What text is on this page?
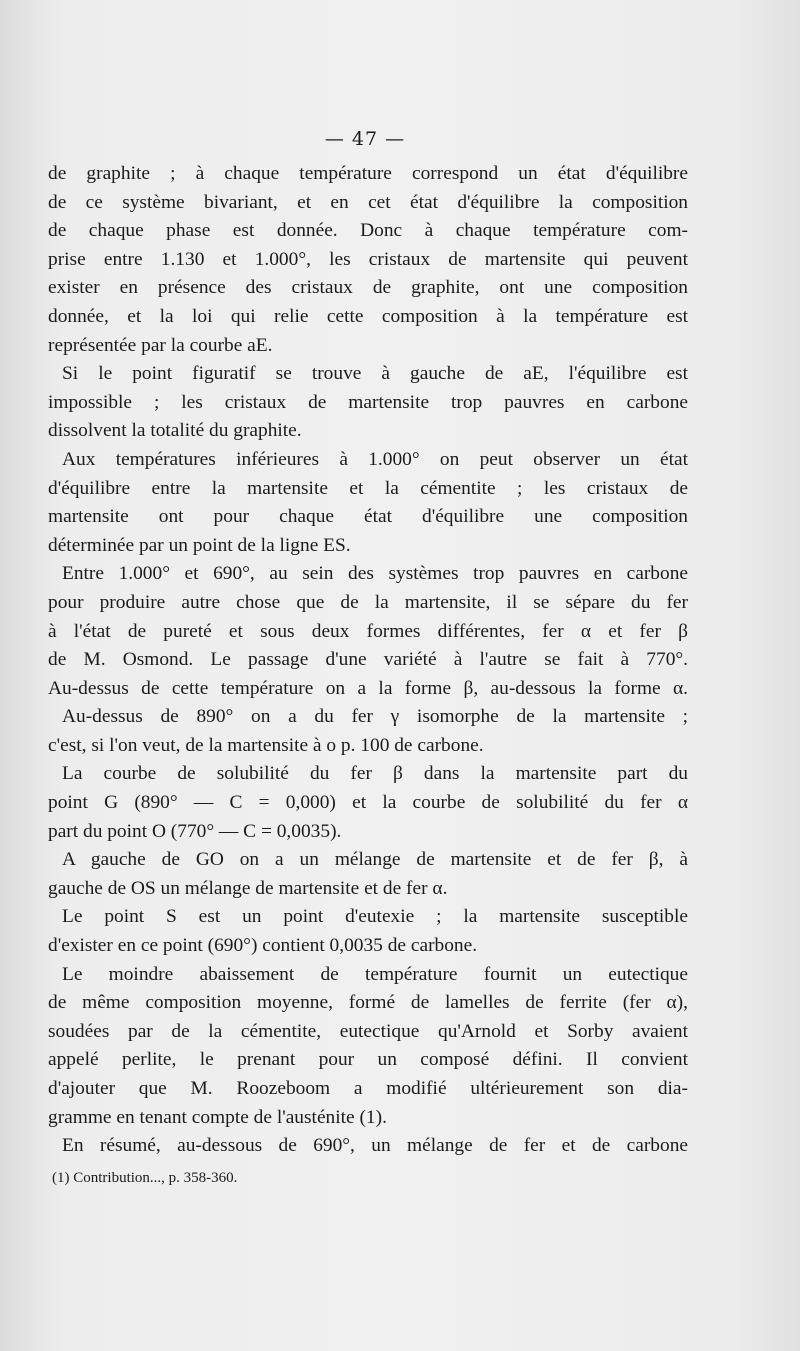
— 47 —
de graphite ; à chaque température correspond un état d'équilibre
de ce système bivariant, et en cet état d'équilibre la composition
de chaque phase est donnée. Donc à chaque température com-
prise entre 1.130 et 1.000°, les cristaux de martensite qui peuvent
exister en présence des cristaux de graphite, ont une composition
donnée, et la loi qui relie cette composition à la température est
représentée par la courbe aE.
Si le point figuratif se trouve à gauche de aE, l'équilibre est
impossible ; les cristaux de martensite trop pauvres en carbone
dissolvent la totalité du graphite.
Aux températures inférieures à 1.000° on peut observer un état
d'équilibre entre la martensite et la cémentite ; les cristaux de
martensite ont pour chaque état d'équilibre une composition
déterminée par un point de la ligne ES.
Entre 1.000° et 690°, au sein des systèmes trop pauvres en carbone
pour produire autre chose que de la martensite, il se sépare du fer
à l'état de pureté et sous deux formes différentes, fer α et fer β
de M. Osmond. Le passage d'une variété à l'autre se fait à 770°.
Au-dessus de cette température on a la forme β, au-dessous la forme α.
Au-dessus de 890° on a du fer γ isomorphe de la martensite ;
c'est, si l'on veut, de la martensite à o p. 100 de carbone.
La courbe de solubilité du fer β dans la martensite part du
point G (890° — C = 0,000) et la courbe de solubilité du fer α
part du point O (770° — C = 0,0035).
A gauche de GO on a un mélange de martensite et de fer β, à
gauche de OS un mélange de martensite et de fer α.
Le point S est un point d'eutexie ; la martensite susceptible
d'exister en ce point (690°) contient 0,0035 de carbone.
Le moindre abaissement de température fournit un eutectique
de même composition moyenne, formé de lamelles de ferrite (fer α),
soudées par de la cémentite, eutectique qu'Arnold et Sorby avaient
appelé perlite, le prenant pour un composé défini. Il convient
d'ajouter que M. Roozeboom a modifié ultérieurement son dia-
gramme en tenant compte de l'austénite (1).
En résumé, au-dessous de 690°, un mélange de fer et de carbone
(1) Contribution..., p. 358-360.
